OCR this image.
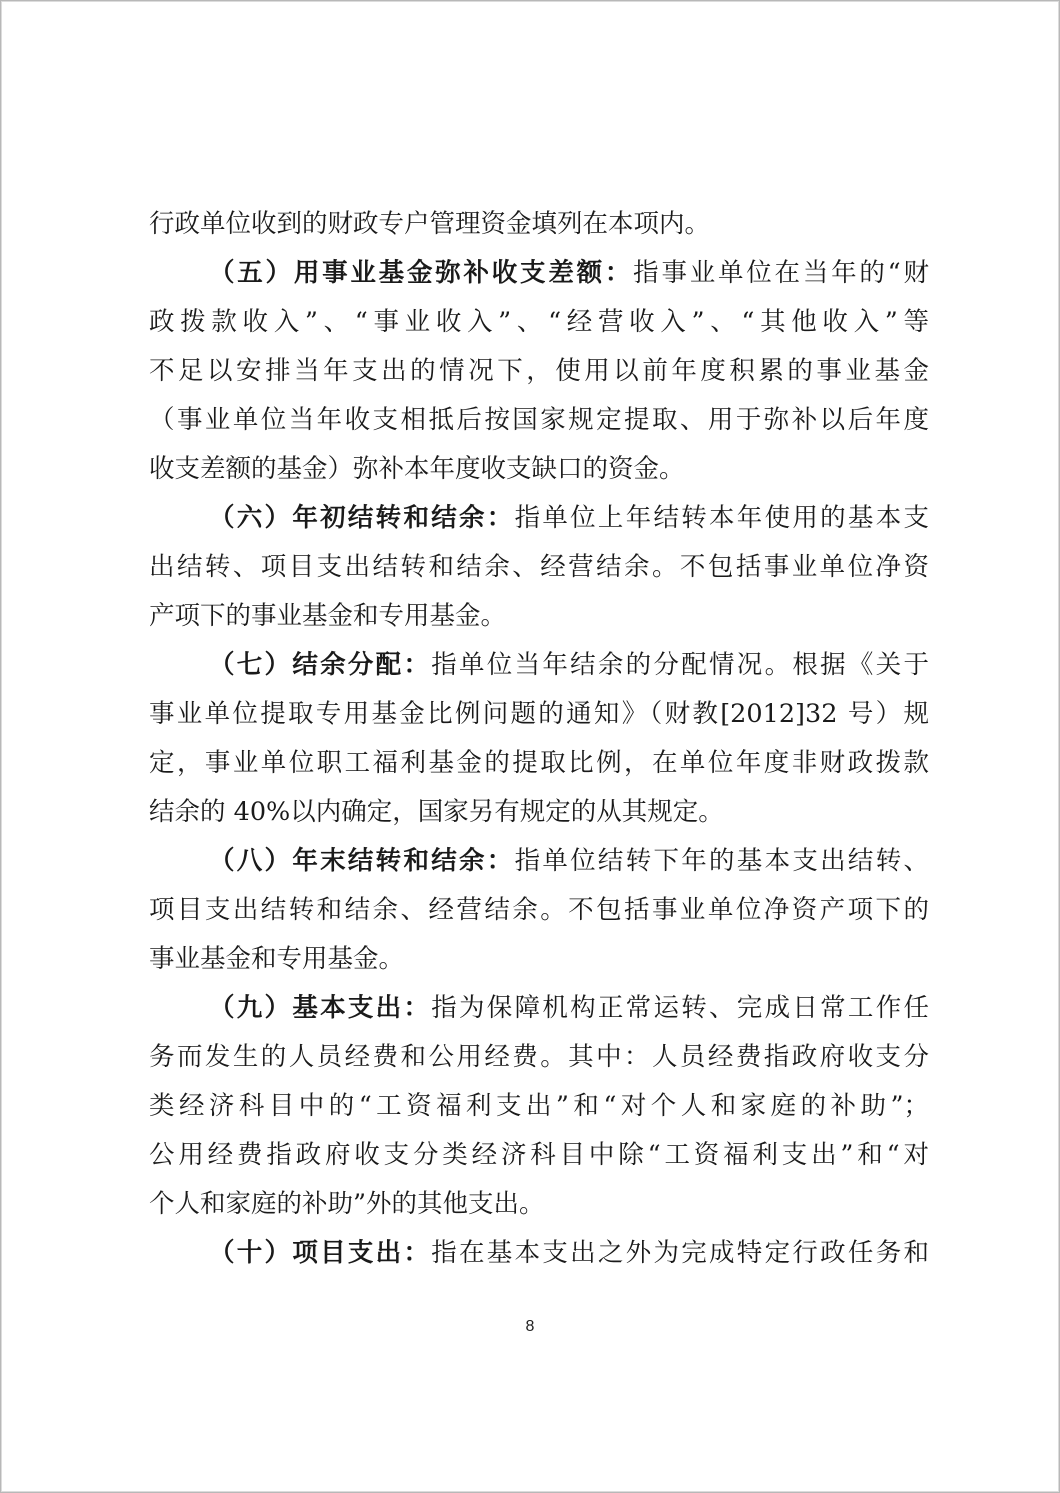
行政单位收到的财政专户管理资金填列在本项内。
（五）用事业基金弥补收支差额：指事业单位在当年的“财
政拨款收入”、“事业收入”、“经营收入”、“其他收入”等
不足以安排当年支出的情况下，使用以前年度积累的事业基金
（事业单位当年收支相抵后按国家规定提取、用于弥补以后年度
收支差额的基金）弥补本年度收支缺口的资金。
（六）年初结转和结余：指单位上年结转本年使用的基本支
出结转、项目支出结转和结余、经营结余。不包括事业单位净资
产项下的事业基金和专用基金。
（七）结余分配：指单位当年结余的分配情况。根据《关于
事业单位提取专用基金比例问题的通知》（财教[2012]32 号）规
定，事业单位职工福利基金的提取比例，在单位年度非财政拨款
结余的 40%以内确定，国家另有规定的从其规定。
（八）年末结转和结余：指单位结转下年的基本支出结转、
项目支出结转和结余、经营结余。不包括事业单位净资产项下的
事业基金和专用基金。
（九）基本支出：指为保障机构正常运转、完成日常工作任
务而发生的人员经费和公用经费。其中：人员经费指政府收支分
类经济科目中的“工资福利支出”和“对个人和家庭的补助”；
公用经费指政府收支分类经济科目中除“工资福利支出”和“对
个人和家庭的补助”外的其他支出。
（十）项目支出：指在基本支出之外为完成特定行政任务和
8
